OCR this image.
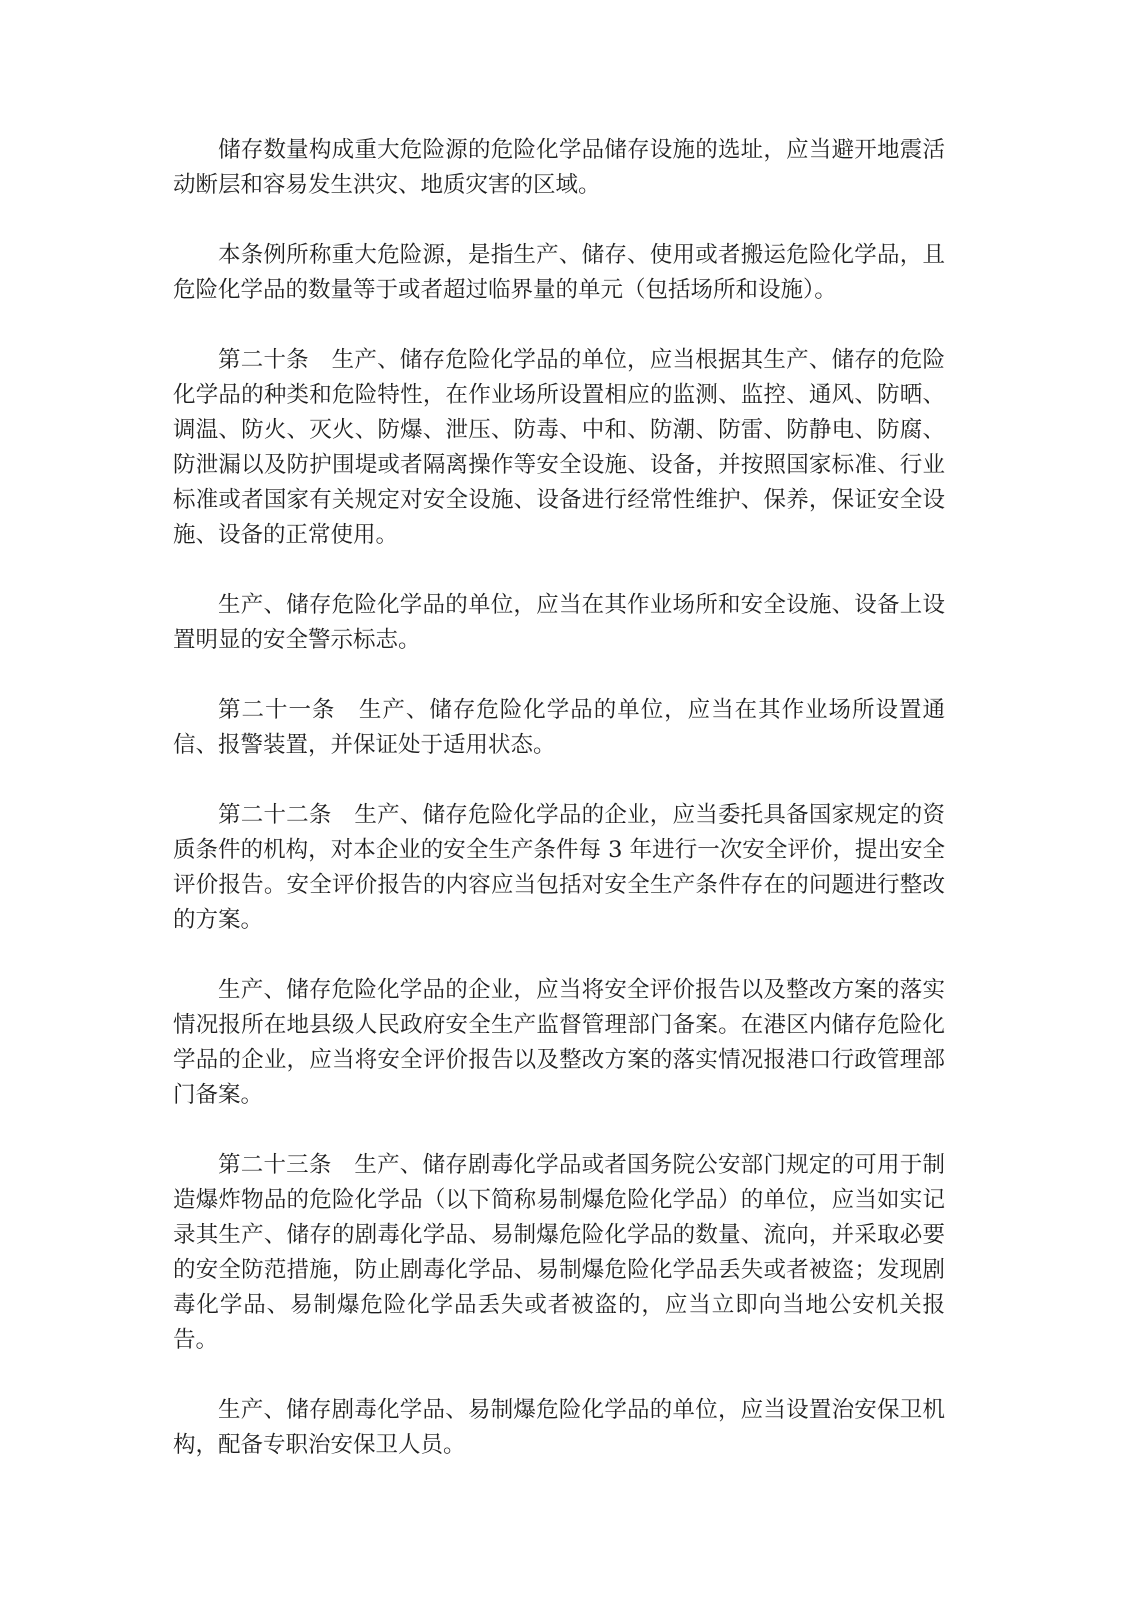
储存数量构成重大危险源的危险化学品储存设施的选址，应当避开地震活动断层和容易发生洪灾、地质灾害的区域。

本条例所称重大危险源，是指生产、储存、使用或者搬运危险化学品，且危险化学品的数量等于或者超过临界量的单元（包括场所和设施）。

第二十条　生产、储存危险化学品的单位，应当根据其生产、储存的危险化学品的种类和危险特性，在作业场所设置相应的监测、监控、通风、防晒、调温、防火、灭火、防爆、泄压、防毒、中和、防潮、防雷、防静电、防腐、防泄漏以及防护围堤或者隔离操作等安全设施、设备，并按照国家标准、行业标准或者国家有关规定对安全设施、设备进行经常性维护、保养，保证安全设施、设备的正常使用。

生产、储存危险化学品的单位，应当在其作业场所和安全设施、设备上设置明显的安全警示标志。

第二十一条　生产、储存危险化学品的单位，应当在其作业场所设置通信、报警装置，并保证处于适用状态。

第二十二条　生产、储存危险化学品的企业，应当委托具备国家规定的资质条件的机构，对本企业的安全生产条件每 3 年进行一次安全评价，提出安全评价报告。安全评价报告的内容应当包括对安全生产条件存在的问题进行整改的方案。

生产、储存危险化学品的企业，应当将安全评价报告以及整改方案的落实情况报所在地县级人民政府安全生产监督管理部门备案。在港区内储存危险化学品的企业，应当将安全评价报告以及整改方案的落实情况报港口行政管理部门备案。

第二十三条　生产、储存剧毒化学品或者国务院公安部门规定的可用于制造爆炸物品的危险化学品（以下简称易制爆危险化学品）的单位，应当如实记录其生产、储存的剧毒化学品、易制爆危险化学品的数量、流向，并采取必要的安全防范措施，防止剧毒化学品、易制爆危险化学品丢失或者被盗；发现剧毒化学品、易制爆危险化学品丢失或者被盗的，应当立即向当地公安机关报告。

生产、储存剧毒化学品、易制爆危险化学品的单位，应当设置治安保卫机构，配备专职治安保卫人员。
